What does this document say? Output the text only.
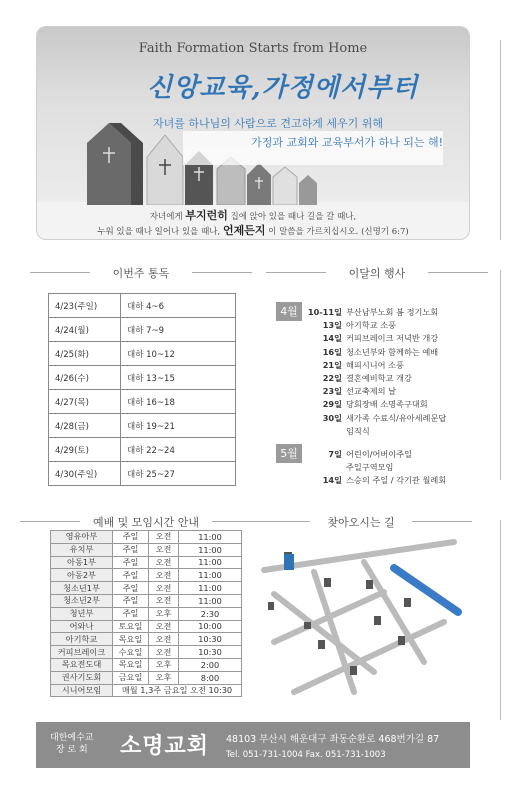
Faith Formation Starts from Home
신앙교육,가정에서부터
자녀를 하나님의 사람으로 견고하게 세우기 위해
가정과 교회와 교육부서가 하나 되는 해!
자녀에게 부지런히 집에 앉아 있을 때나 길을 갈 때나,
누워 있을 때나 일어나 있을 때나, 언제든지 이 말씀을 가르치십시오. (신명기 6:7)
이번주 통독
4/23(주일)	대하 4~6
4/24(월)	대하 7~9
4/25(화)	대하 10~12
4/26(수)	대하 13~15
4/27(목)	대하 16~18
4/28(금)	대하 19~21
4/29(토)	대하 22~24
4/30(주일)	대하 25~27
이달의 행사
4월
5월
10-11일 부산남부노회 봄 정기노회
13일 아기학교 소풍
14일 커피브레이크 저녁반 개강
16일 청소년부와 함께하는 예배
21일 해피시니어 소풍
22일 결혼예비학교 개강
23일 선교축제의 날
29일 당회장배 소명족구대회
30일 새가족 수료식/유아세례문답
임직식
7일 어린이/어버이주일
주일구역모임
14일 스승의 주일 / 각기관 월례회
예배 및 모임시간 안내
영유아부	주일	오전	11:00
유치부	주일	오전	11:00
아동1부	주일	오전	11:00
아동2부	주일	오전	11:00
청소년1부	주일	오전	11:00
청소년2부	주일	오전	11:00
청년부	주일	오후	2:30
어와나	토요일	오전	10:00
아기학교	목요일	오전	10:30
커피브레이크	수요일	오전	10:30
목요전도대	목요일	오후	2:00
권사기도회	금요일	오후	8:00
시니어모임	매월 1,3주 금요일 오전 10:30		
찾아오시는 길
대한예수교
장 로 회 소명교회 48103 부산시 해운대구 좌동순환로 468번가길 87
Tel. 051-731-1004 Fax. 051-731-1003
